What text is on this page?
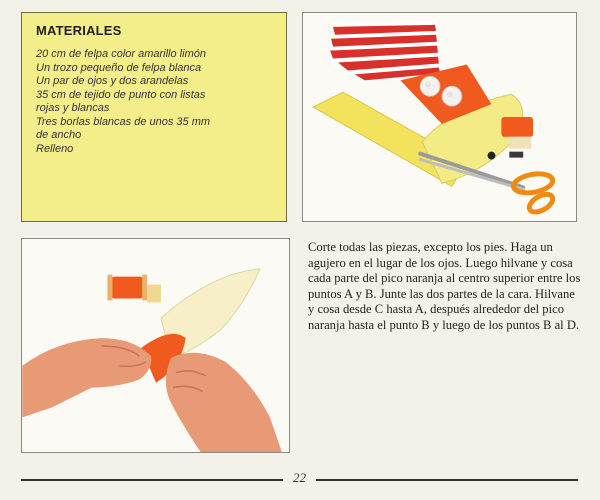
MATERIALES
20 cm de felpa color amarillo limón
Un trozo pequeño de felpa blanca
Un par de ojos y dos arandelas
35 cm de tejido de punto con listas
rojas y blancas
Tres borlas blancas de unos 35 mm
de ancho
Relleno

Corte todas las piezas, excepto los pies. Haga un agujero en el lugar de los ojos. Luego hilvane y cosa cada parte del pico naranja al centro superior entre los puntos A y B. Junte las dos partes de la cara. Hilvane y cosa desde C hasta A, después alrededor del pico naranja hasta el punto B y luego de los puntos B al D.

22
